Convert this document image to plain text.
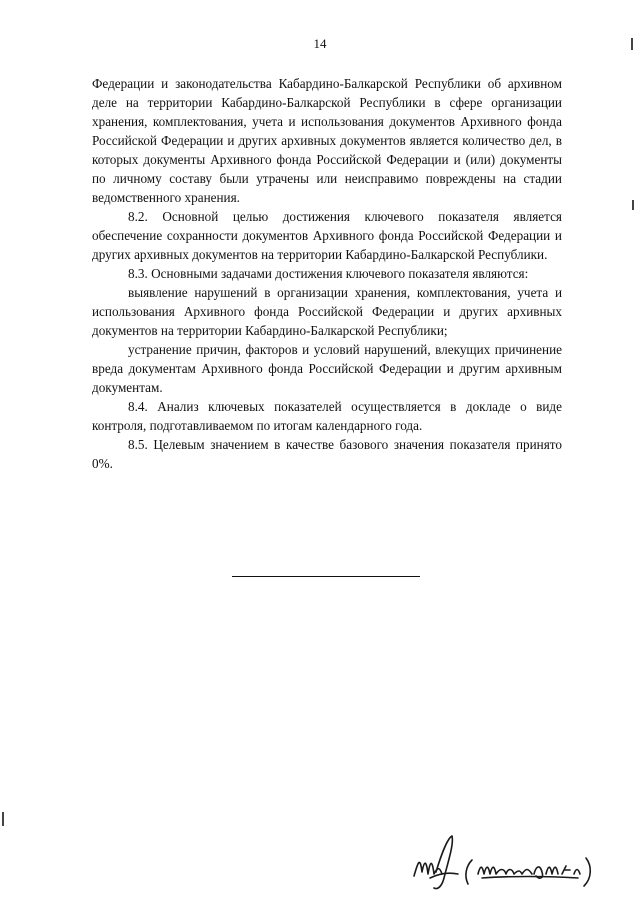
14

Федерации и законодательства Кабардино-Балкарской Республики об архивном деле на территории Кабардино-Балкарской Республики в сфере организации хранения, комплектования, учета и использования документов Архивного фонда Российской Федерации и других архивных документов является количество дел, в которых документы Архивного фонда Российской Федерации и (или) документы по личному составу были утрачены или неисправимо повреждены на стадии ведомственного хранения.

8.2. Основной целью достижения ключевого показателя является обеспечение сохранности документов Архивного фонда Российской Федерации и других архивных документов на территории Кабардино-Балкарской Республики.

8.3. Основными задачами достижения ключевого показателя являются:

выявление нарушений в организации хранения, комплектования, учета и использования Архивного фонда Российской Федерации и других архивных документов на территории Кабардино-Балкарской Республики;

устранение причин, факторов и условий нарушений, влекущих причинение вреда документам Архивного фонда Российской Федерации и другим архивным документам.

8.4. Анализ ключевых показателей осуществляется в докладе о виде контроля, подготавливаемом по итогам календарного года.

8.5. Целевым значением в качестве базового значения показателя принято 0%.
